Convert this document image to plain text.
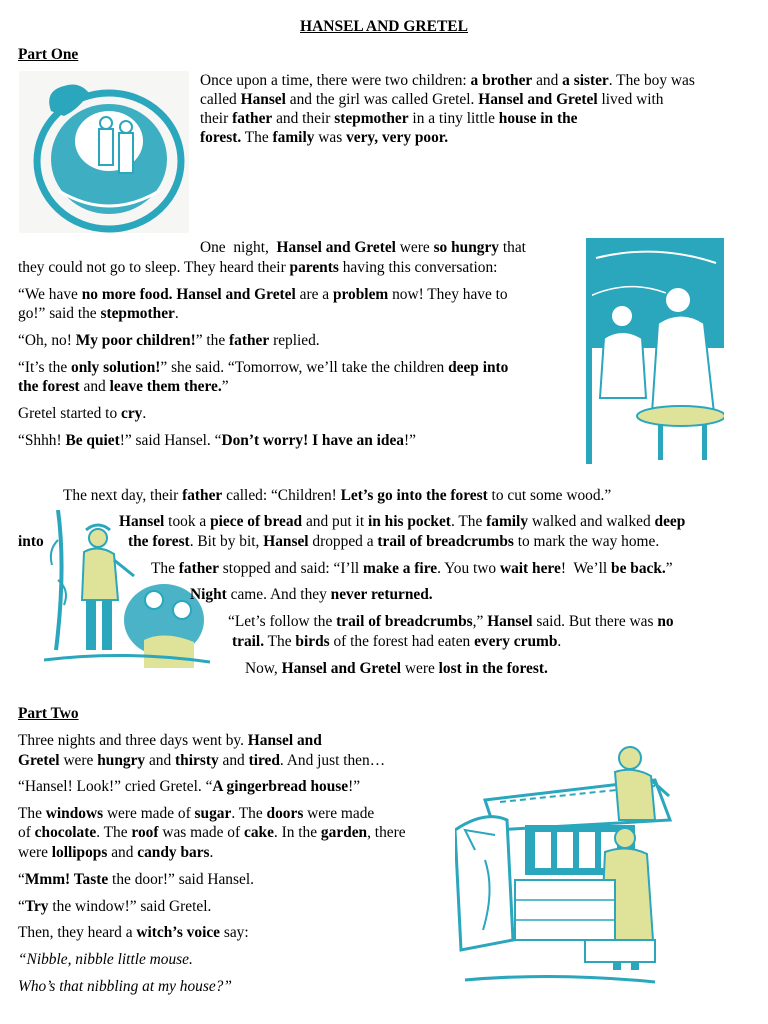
HANSEL AND GRETEL
Part One

Once upon a time, there were two children: a brother and a sister. The boy was

called Hansel and the girl was called Gretel. Hansel and Gretel lived with

their father and their stepmother in a tiny little house in the

forest. The family was very, very poor.

One  night,  Hansel and Gretel were so hungry that
they could not go to sleep. They heard their parents having this conversation:
“We have no more food. Hansel and Gretel are a problem now! They have to
go!” said the stepmother.
“Oh, no! My poor children!” the father replied.
“It’s the only solution!” she said. “Tomorrow, we’ll take the children deep into
the forest and leave them there.”
Gretel started to cry.
“Shhh! Be quiet!” said Hansel. “Don’t worry! I have an idea!”
The next day, their father called: “Children! Let’s go into the forest to cut some wood.”
Hansel took a piece of bread and put it in his pocket. The family walked and walked deep
into	the forest. Bit by bit, Hansel dropped a trail of breadcrumbs to mark the way home.
The father stopped and said: “I’ll make a fire. You two wait here!  We’ll be back.”
Night came. And they never returned.
“Let’s follow the trail of breadcrumbs,” Hansel said. But there was no
trail. The birds of the forest had eaten every crumb.
Now, Hansel and Gretel were lost in the forest.
Part Two
Three nights and three days went by. Hansel and
Gretel were hungry and thirsty and tired. And just then…
“Hansel! Look!” cried Gretel. “A gingerbread house!”
The windows were made of sugar. The doors were made
of chocolate. The roof was made of cake. In the garden, there
were lollipops and candy bars.
“Mmm! Taste the door!” said Hansel.
“Try the window!” said Gretel.
Then, they heard a witch’s voice say:
“Nibble, nibble little mouse.
Who’s that nibbling at my house?”
